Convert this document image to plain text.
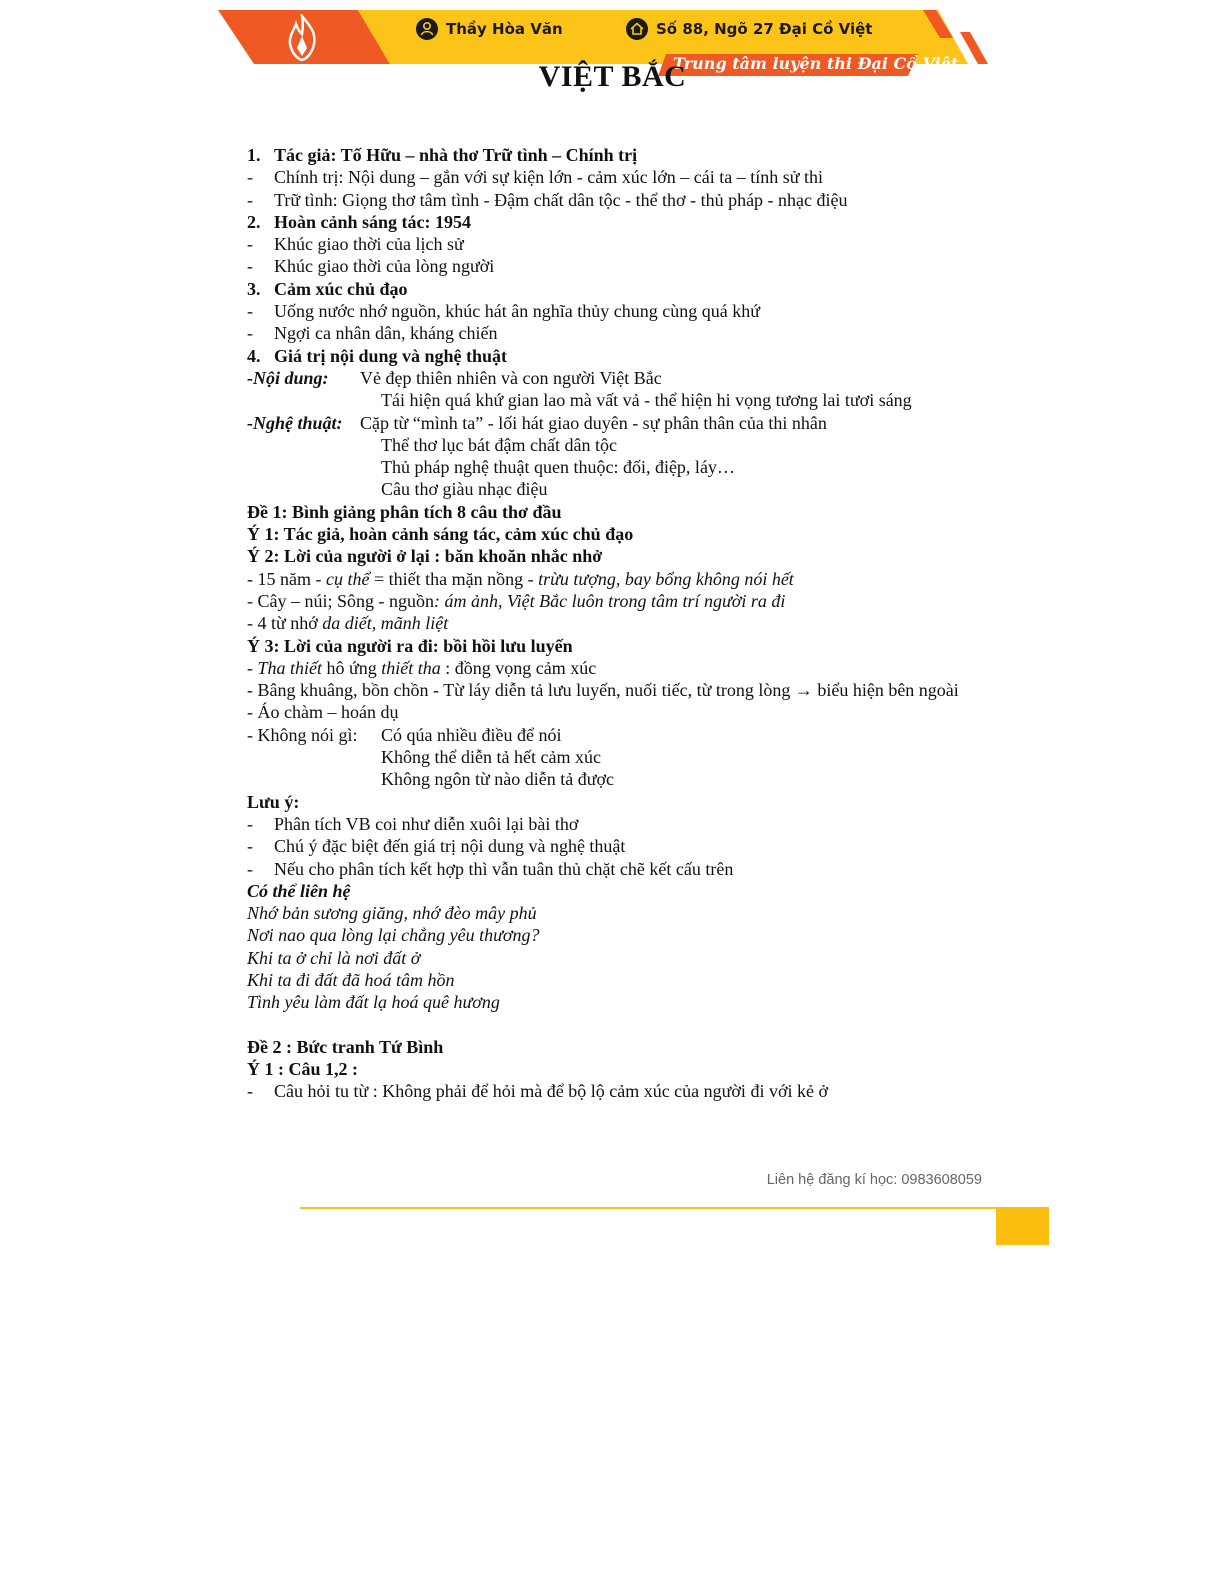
Thầy Hòa Văn	Số 88, Ngõ 27 Đại Cồ Việt
Trung tâm luyện thi Đại Cồ Việt
VIỆT BẮC
1. Tác giả: Tố Hữu – nhà thơ Trữ tình – Chính trị
- Chính trị: Nội dung – gắn với sự kiện lớn - cảm xúc lớn – cái ta – tính sử thi
- Trữ tình: Giọng thơ tâm tình - Đậm chất dân tộc - thể thơ - thủ pháp - nhạc điệu
2. Hoàn cảnh sáng tác: 1954
- Khúc giao thời của lịch sử
- Khúc giao thời của lòng người
3. Cảm xúc chủ đạo
- Uống nước nhớ nguồn, khúc hát ân nghĩa thủy chung cùng quá khứ
- Ngợi ca nhân dân, kháng chiến
4. Giá trị nội dung và nghệ thuật
-Nội dung: Vẻ đẹp thiên nhiên và con người Việt Bắc
Tái hiện quá khứ gian lao mà vất vả - thể hiện hi vọng tương lai tươi sáng
-Nghệ thuật: Cặp từ “mình ta” - lối hát giao duyên - sự phân thân của thi nhân
Thể thơ lục bát đậm chất dân tộc
Thủ pháp nghệ thuật quen thuộc: đối, điệp, láy…
Câu thơ giàu nhạc điệu
Đề 1: Bình giảng phân tích 8 câu thơ đầu
Ý 1: Tác giả, hoàn cảnh sáng tác, cảm xúc chủ đạo
Ý 2: Lời của người ở lại : băn khoăn nhắc nhở
- 15 năm - cụ thể = thiết tha mặn nồng - trừu tượng, bay bổng không nói hết
- Cây – núi; Sông - nguồn: ám ảnh, Việt Bắc luôn trong tâm trí người ra đi
- 4 từ nhớ da diết, mãnh liệt
Ý 3: Lời của người ra đi: bồi hồi lưu luyến
- Tha thiết hô ứng thiết tha : đồng vọng cảm xúc
- Bâng khuâng, bồn chồn - Từ láy diễn tả lưu luyến, nuối tiếc, từ trong lòng → biểu hiện bên ngoài
- Áo chàm – hoán dụ
- Không nói gì: Có qúa nhiều điều để nói
Không thể diễn tả hết cảm xúc
Không ngôn từ nào diễn tả được
Lưu ý:
- Phân tích VB coi như diễn xuôi lại bài thơ
- Chú ý đặc biệt đến giá trị nội dung và nghệ thuật
- Nếu cho phân tích kết hợp thì vẫn tuân thủ chặt chẽ kết cấu trên
Có thể liên hệ
Nhớ bản sương giăng, nhớ đèo mây phủ
Nơi nao qua lòng lại chẳng yêu thương?
Khi ta ở chỉ là nơi đất ở
Khi ta đi đất đã hoá tâm hồn
Tình yêu làm đất lạ hoá quê hương
Đề 2 : Bức tranh Tứ Bình
Ý 1 : Câu 1,2 :
- Câu hỏi tu từ : Không phải để hỏi mà để bộ lộ cảm xúc của người đi với kẻ ở
Liên hệ đăng kí học: 0983608059
